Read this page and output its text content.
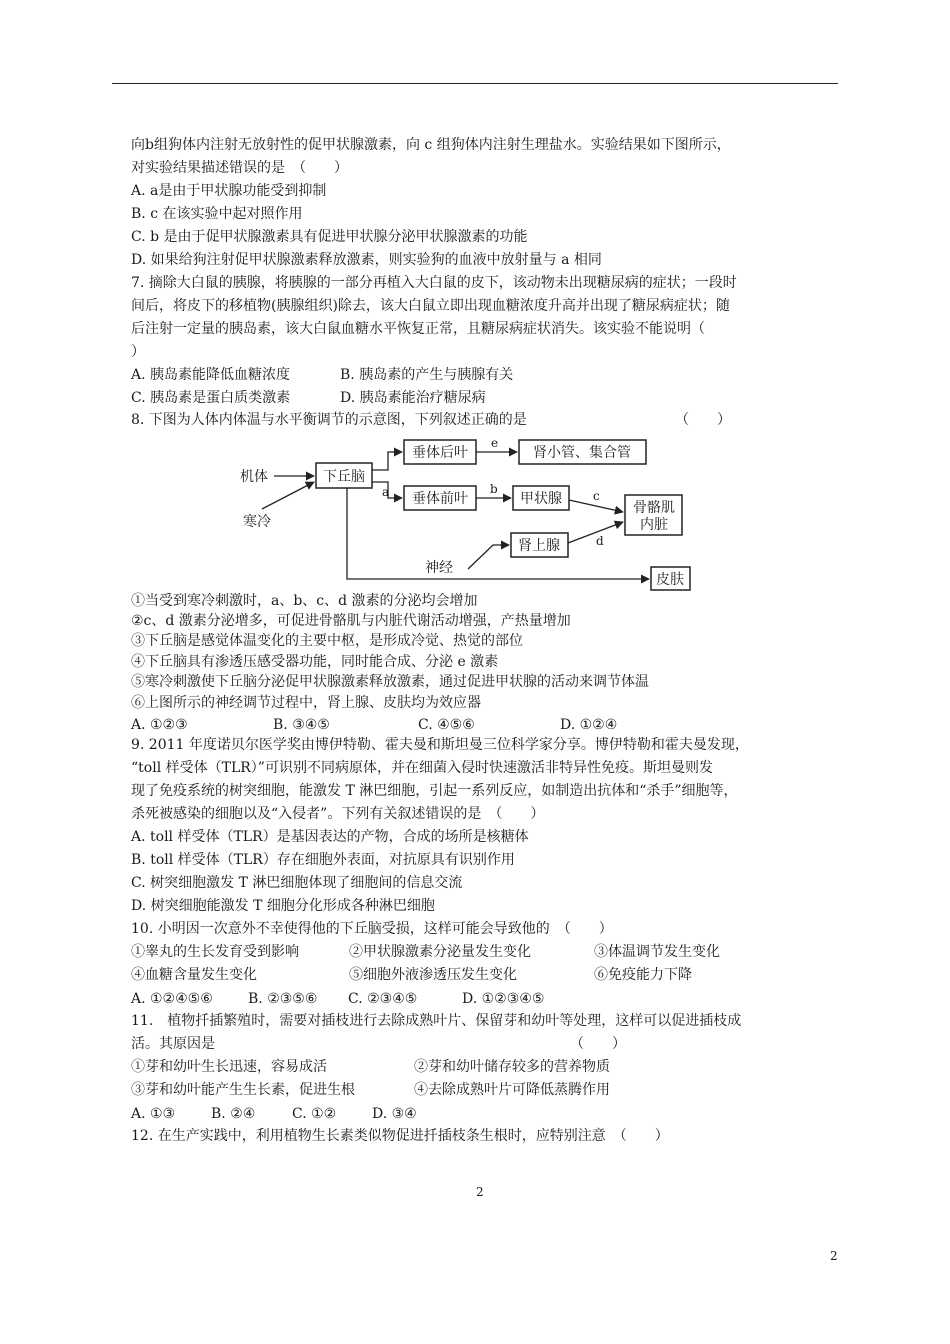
向b组狗体内注射无放射性的促甲状腺激素，向 c 组狗体内注射生理盐水。实验结果如下图所示，
对实验结果描述错误的是　（　　）
A. a是由于甲状腺功能受到抑制
B. c 在该实验中起对照作用
C. b 是由于促甲状腺激素具有促进甲状腺分泌甲状腺激素的功能
D. 如果给狗注射促甲状腺激素释放激素，则实验狗的血液中放射量与 a 相同
7. 摘除大白鼠的胰腺，将胰腺的一部分再植入大白鼠的皮下，该动物未出现糖尿病的症状；一段时
间后，将皮下的移植物(胰腺组织)除去，该大白鼠立即出现血糖浓度升高并出现了糖尿病症状；随
后注射一定量的胰岛素，该大白鼠血糖水平恢复正常，且糖尿病症状消失。该实验不能说明（
）
A. 胰岛素能降低血糖浓度	B. 胰岛素的产生与胰腺有关
C. 胰岛素是蛋白质类激素	D. 胰岛素能治疗糖尿病
8. 下图为人体内体温与水平衡调节的示意图，下列叙述正确的是	（　　）
机体
寒冷
下丘脑
垂体后叶	肾小管、集合管
垂体前叶	甲状腺
骨骼肌
内脏
肾上腺
皮肤
神经
a
e
b	c
d
①当受到寒冷刺激时，a、b、c、d 激素的分泌均会增加
②c、d 激素分泌增多，可促进骨骼肌与内脏代谢活动增强，产热量增加
③下丘脑是感觉体温变化的主要中枢，是形成冷觉、热觉的部位
④下丘脑具有渗透压感受器功能，同时能合成、分泌 e 激素
⑤寒冷刺激使下丘脑分泌促甲状腺激素释放激素，通过促进甲状腺的活动来调节体温
⑥上图所示的神经调节过程中，肾上腺、皮肤均为效应器
A. ①②③	B. ③④⑤	C. ④⑤⑥	D. ①②④
9. 2011 年度诺贝尔医学奖由博伊特勒、霍夫曼和斯坦曼三位科学家分享。博伊特勒和霍夫曼发现，
“toll 样受体（TLR）”可识别不同病原体，并在细菌入侵时快速激活非特异性免疫。斯坦曼则发
现了免疫系统的树突细胞，能激发 T 淋巴细胞，引起一系列反应，如制造出抗体和“杀手”细胞等，
杀死被感染的细胞以及“入侵者”。下列有关叙述错误的是　（　　）
A. toll 样受体（TLR）是基因表达的产物，合成的场所是核糖体
B. toll 样受体（TLR）存在细胞外表面，对抗原具有识别作用
C. 树突细胞激发 T 淋巴细胞体现了细胞间的信息交流
D. 树突细胞能激发 T 细胞分化形成各种淋巴细胞
10. 小明因一次意外不幸使得他的下丘脑受损，这样可能会导致他的　（　　）
①睾丸的生长发育受到影响	②甲状腺激素分泌量发生变化	③体温调节发生变化
④血糖含量发生变化	⑤细胞外液渗透压发生变化	⑥免疫能力下降
A. ①②④⑤⑥	B. ②③⑤⑥ C. ②③④⑤	D. ①②③④⑤
11.　植物扦插繁殖时，需要对插枝进行去除成熟叶片、保留芽和幼叶等处理，这样可以促进插枝成
活。其原因是	（　　）
①芽和幼叶生长迅速，容易成活	②芽和幼叶储存较多的营养物质
③芽和幼叶能产生生长素，促进生根	④去除成熟叶片可降低蒸腾作用
A. ①③	B. ②④	C. ①②	D. ③④
12. 在生产实践中，利用植物生长素类似物促进扦插枝条生根时，应特别注意　（　　）
2
2
